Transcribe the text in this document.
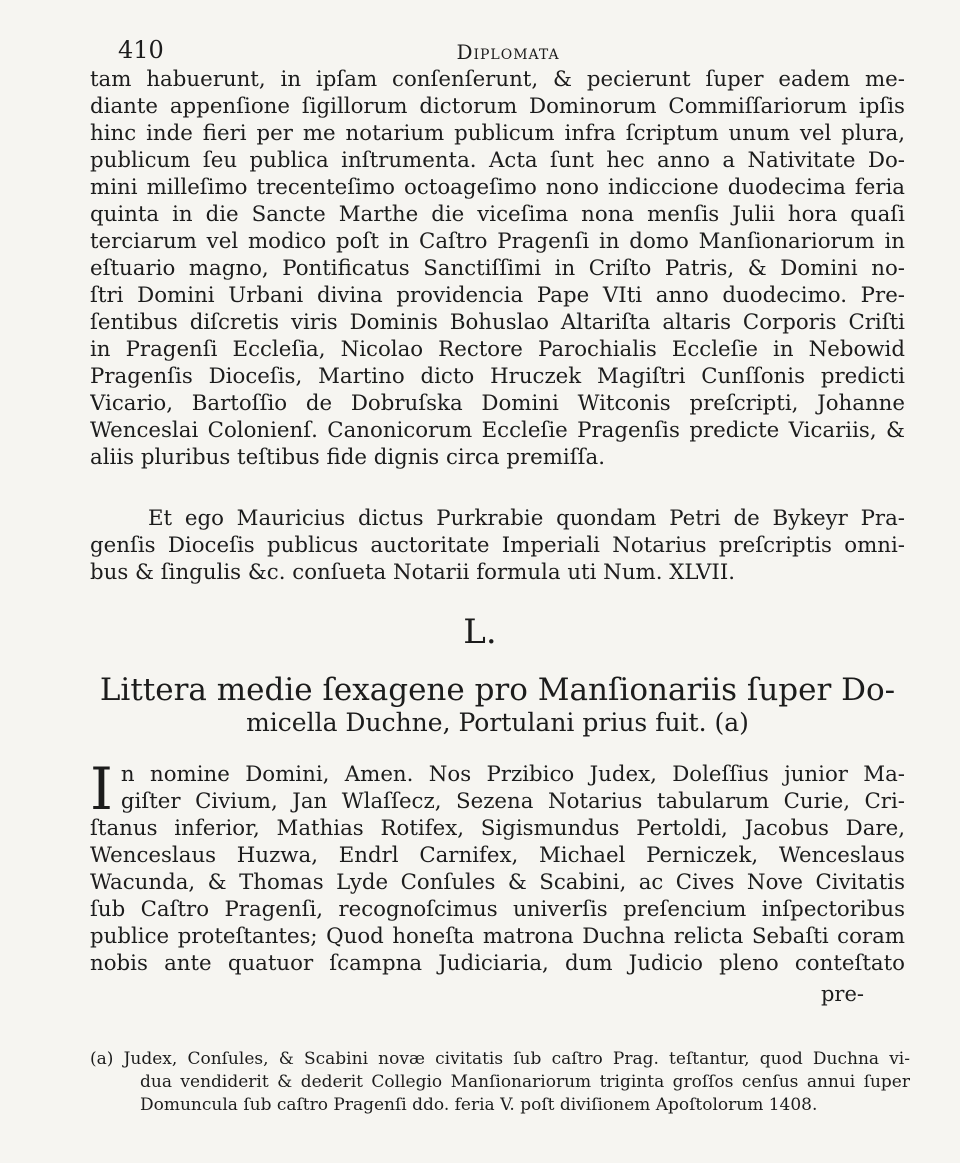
410	Diplomata
tam habuerunt, in ipſam conſenſerunt, & pecierunt ſuper eadem me-
diante appenſione ſigillorum dictorum Dominorum Commiſſariorum ipſis
hinc inde fieri per me notarium publicum infra ſcriptum unum vel plura,
publicum ſeu publica inſtrumenta. Acta ſunt hec anno a Nativitate Do-
mini milleſimo trecenteſimo octoageſimo nono indiccione duodecima feria
quinta in die Sancte Marthe die viceſima nona menſis Julii hora quaſi
terciarum vel modico poſt in Caſtro Pragenſi in domo Manſionariorum in
eſtuario magno, Pontificatus Sanctiſſimi in Criſto Patris, & Domini no-
ſtri Domini Urbani divina providencia Pape VIti anno duodecimo. Pre-
ſentibus diſcretis viris Dominis Bohuslao Altariſta altaris Corporis Criſti
in Pragenſi Eccleſia, Nicolao Rectore Parochialis Eccleſie in Nebowid
Pragenſis Dioceſis, Martino dicto Hruczek Magiſtri Cunſſonis predicti
Vicario, Bartoſſio de Dobruſska Domini Witconis preſcripti, Johanne
Wenceslai Colonienſ. Canonicorum Eccleſie Pragenſis predicte Vicariis, &
aliis pluribus teſtibus fide dignis circa premiſſa.
Et ego Mauricius dictus Purkrabie quondam Petri de Bykeyr Pra-
genſis Dioceſis publicus auctoritate Imperiali Notarius preſcriptis omni-
bus & ſingulis &c. conſueta Notarii formula uti Num. XLVII.
L.
Littera medie ſexagene pro Manſionariis ſuper Do-
micella Duchne, Portulani prius fuit. (a)
I n nomine Domini, Amen. Nos Przibico Judex, Doleſſius junior Ma-
giſter Civium, Jan Wlaſſecz, Sezena Notarius tabularum Curie, Cri-
ſtanus inferior, Mathias Rotifex, Sigismundus Pertoldi, Jacobus Dare,
Wenceslaus Huzwa, Endrl Carnifex, Michael Perniczek, Wenceslaus
Wacunda, & Thomas Lyde Conſules & Scabini, ac Cives Nove Civitatis
ſub Caſtro Pragenſi, recognoſcimus univerſis preſencium inſpectoribus
publice proteſtantes; Quod honeſta matrona Duchna relicta Sebaſti coram
nobis ante quatuor ſcampna Judiciaria, dum Judicio pleno conteſtato
pre-
(a) Judex, Conſules, & Scabini novæ civitatis ſub caſtro Prag. teſtantur, quod Duchna vi-
dua vendiderit & dederit Collegio Manſionariorum triginta groſſos cenſus annui ſuper
Domuncula ſub caſtro Pragenſi ddo. feria V. poſt diviſionem Apoſtolorum 1408.
